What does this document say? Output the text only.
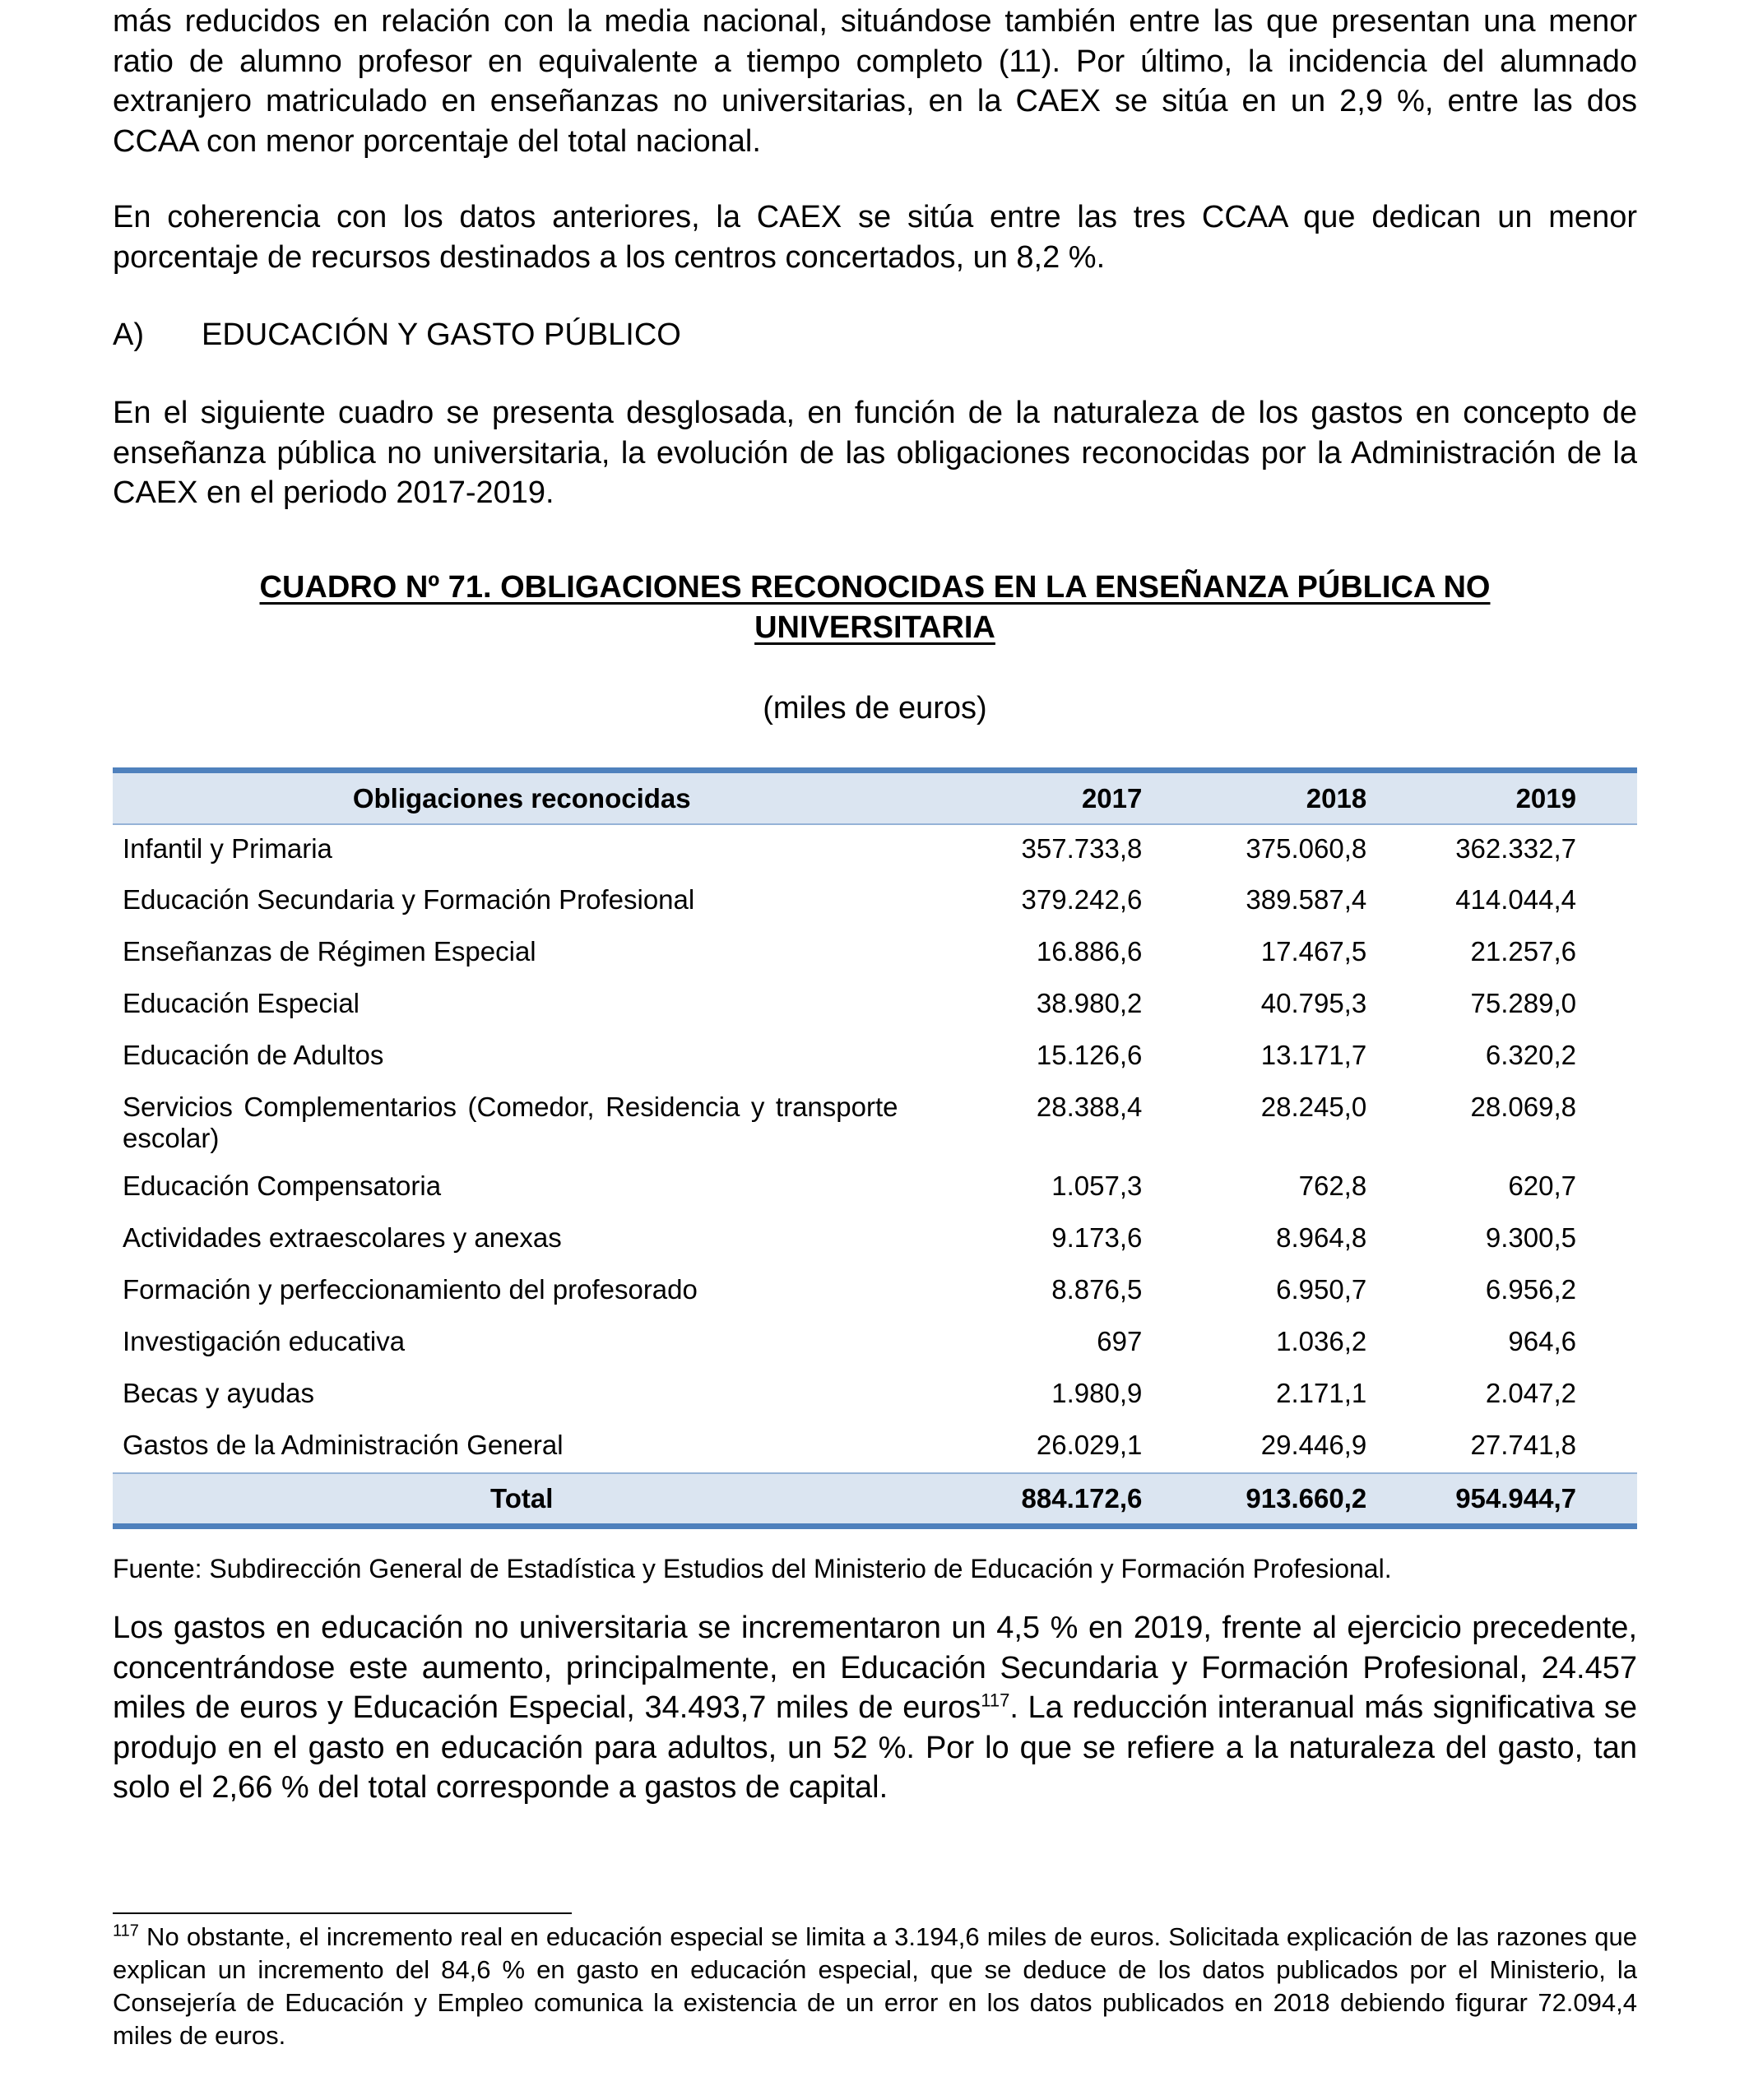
más reducidos en relación con la media nacional, situándose también entre las que presentan una menor ratio de alumno profesor en equivalente a tiempo completo (11). Por último, la incidencia del alumnado extranjero matriculado en enseñanzas no universitarias, en la CAEX se sitúa en un 2,9 %, entre las dos CCAA con menor porcentaje del total nacional.

En coherencia con los datos anteriores, la CAEX se sitúa entre las tres CCAA que dedican un menor porcentaje de recursos destinados a los centros concertados, un 8,2 %.

A)	EDUCACIÓN Y GASTO PÚBLICO

En el siguiente cuadro se presenta desglosada, en función de la naturaleza de los gastos en concepto de enseñanza pública no universitaria, la evolución de las obligaciones reconocidas por la Administración de la CAEX en el periodo 2017-2019.

CUADRO Nº 71. OBLIGACIONES RECONOCIDAS EN LA ENSEÑANZA PÚBLICA NO
UNIVERSITARIA
(miles de euros)
Obligaciones reconocidas	2017	2018	2019
Infantil y Primaria	357.733,8	375.060,8	362.332,7
Educación Secundaria y Formación Profesional	379.242,6	389.587,4	414.044,4
Enseñanzas de Régimen Especial	16.886,6	17.467,5	21.257,6
Educación Especial	38.980,2	40.795,3	75.289,0
Educación de Adultos	15.126,6	13.171,7	6.320,2
Servicios Complementarios (Comedor, Residencia y transporte escolar)	28.388,4	28.245,0	28.069,8
Educación Compensatoria	1.057,3	762,8	620,7
Actividades extraescolares y anexas	9.173,6	8.964,8	9.300,5
Formación y perfeccionamiento del profesorado	8.876,5	6.950,7	6.956,2
Investigación educativa	697	1.036,2	964,6
Becas y ayudas	1.980,9	2.171,1	2.047,2
Gastos de la Administración General	26.029,1	29.446,9	27.741,8
Total	884.172,6	913.660,2	954.944,7
Fuente: Subdirección General de Estadística y Estudios del Ministerio de Educación y Formación Profesional.

Los gastos en educación no universitaria se incrementaron un 4,5 % en 2019, frente al ejercicio precedente, concentrándose este aumento, principalmente, en Educación Secundaria y Formación Profesional, 24.457 miles de euros y Educación Especial, 34.493,7 miles de euros$^{117}$. La reducción interanual más significativa se produjo en el gasto en educación para adultos, un 52 %. Por lo que se refiere a la naturaleza del gasto, tan solo el 2,66 % del total corresponde a gastos de capital.

$^{117}$ No obstante, el incremento real en educación especial se limita a 3.194,6 miles de euros. Solicitada explicación de las razones que explican un incremento del 84,6 % en gasto en educación especial, que se deduce de los datos publicados por el Ministerio, la Consejería de Educación y Empleo comunica la existencia de un error en los datos publicados en 2018 debiendo figurar 72.094,4 miles de euros.
